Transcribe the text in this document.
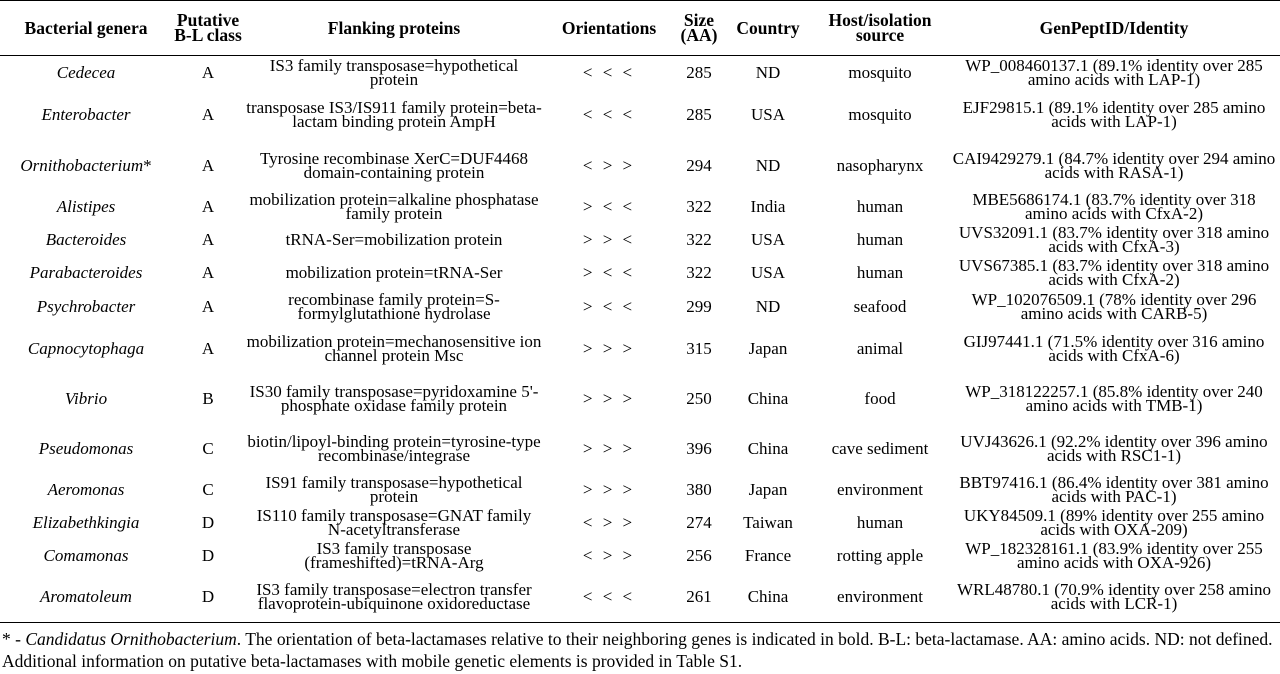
Bacterial genera	Putative B-L class	Flanking proteins	Orientations	Size (AA)	Country	Host/isolation source	GenPeptID/Identity
Cedecea	A	IS3 family transposase=hypothetical protein	< < <	285	ND	mosquito	WP_008460137.1 (89.1% identity over 285 amino acids with LAP-1)
Enterobacter	A	transposase IS3/IS911 family protein=beta-lactam binding protein AmpH	< < <	285	USA	mosquito	EJF29815.1 (89.1% identity over 285 amino acids with LAP-1)
Ornithobacterium*	A	Tyrosine recombinase XerC=DUF4468 domain-containing protein	< > >	294	ND	nasopharynx	CAI9429279.1 (84.7% identity over 294 amino acids with RASA-1)
Alistipes	A	mobilization protein=alkaline phosphatase family protein	> < <	322	India	human	MBE5686174.1 (83.7% identity over 318 amino acids with CfxA-2)
Bacteroides	A	tRNA-Ser=mobilization protein	> > <	322	USA	human	UVS32091.1 (83.7% identity over 318 amino acids with CfxA-3)
Parabacteroides	A	mobilization protein=tRNA-Ser	> < <	322	USA	human	UVS67385.1 (83.7% identity over 318 amino acids with CfxA-2)
Psychrobacter	A	recombinase family protein=S-formylglutathione hydrolase	> < <	299	ND	seafood	WP_102076509.1 (78% identity over 296 amino acids with CARB-5)
Capnocytophaga	A	mobilization protein=mechanosensitive ion channel protein Msc	> > >	315	Japan	animal	GIJ97441.1 (71.5% identity over 316 amino acids with CfxA-6)
Vibrio	B	IS30 family transposase=pyridoxamine 5'-phosphate oxidase family protein	> > >	250	China	food	WP_318122257.1 (85.8% identity over 240 amino acids with TMB-1)
Pseudomonas	C	biotin/lipoyl-binding protein=tyrosine-type recombinase/integrase	> > >	396	China	cave sediment	UVJ43626.1 (92.2% identity over 396 amino acids with RSC1-1)
Aeromonas	C	IS91 family transposase=hypothetical protein	> > >	380	Japan	environment	BBT97416.1 (86.4% identity over 381 amino acids with PAC-1)
Elizabethkingia	D	IS110 family transposase=GNAT family N-acetyltransferase	< > >	274	Taiwan	human	UKY84509.1 (89% identity over 255 amino acids with OXA-209)
Comamonas	D	IS3 family transposase (frameshifted)=tRNA-Arg	< > >	256	France	rotting apple	WP_182328161.1 (83.9% identity over 255 amino acids with OXA-926)
Aromatoleum	D	IS3 family transposase=electron transfer flavoprotein-ubiquinone oxidoreductase	< < <	261	China	environment	WRL48780.1 (70.9% identity over 258 amino acids with LCR-1)
* - Candidatus Ornithobacterium. The orientation of beta-lactamases relative to their neighboring genes is indicated in bold. B-L: beta-lactamase. AA: amino acids. ND: not defined. Additional information on putative beta-lactamases with mobile genetic elements is provided in Table S1.
